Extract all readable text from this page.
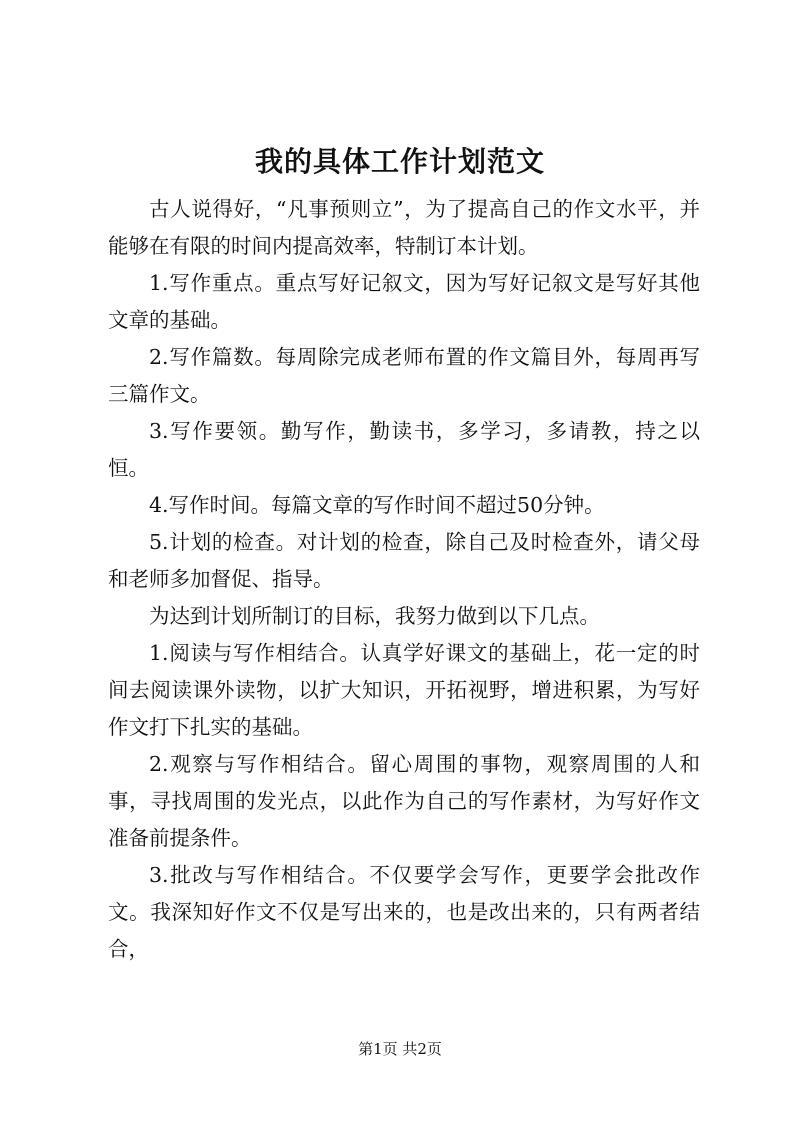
我的具体工作计划范文

古人说得好，“凡事预则立”，为了提高自己的作文水平，并能够在有限的时间内提高效率，特制订本计划。

1.写作重点。重点写好记叙文，因为写好记叙文是写好其他文章的基础。

2.写作篇数。每周除完成老师布置的作文篇目外，每周再写三篇作文。

3.写作要领。勤写作，勤读书，多学习，多请教，持之以恒。

4.写作时间。每篇文章的写作时间不超过50分钟。

5.计划的检查。对计划的检查，除自己及时检查外，请父母和老师多加督促、指导。

为达到计划所制订的目标，我努力做到以下几点。

1.阅读与写作相结合。认真学好课文的基础上，花一定的时间去阅读课外读物，以扩大知识，开拓视野，增进积累，为写好作文打下扎实的基础。

2.观察与写作相结合。留心周围的事物，观察周围的人和事，寻找周围的发光点，以此作为自己的写作素材，为写好作文准备前提条件。

3.批改与写作相结合。不仅要学会写作，更要学会批改作文。我深知好作文不仅是写出来的，也是改出来的，只有两者结合，

第1页 共2页
